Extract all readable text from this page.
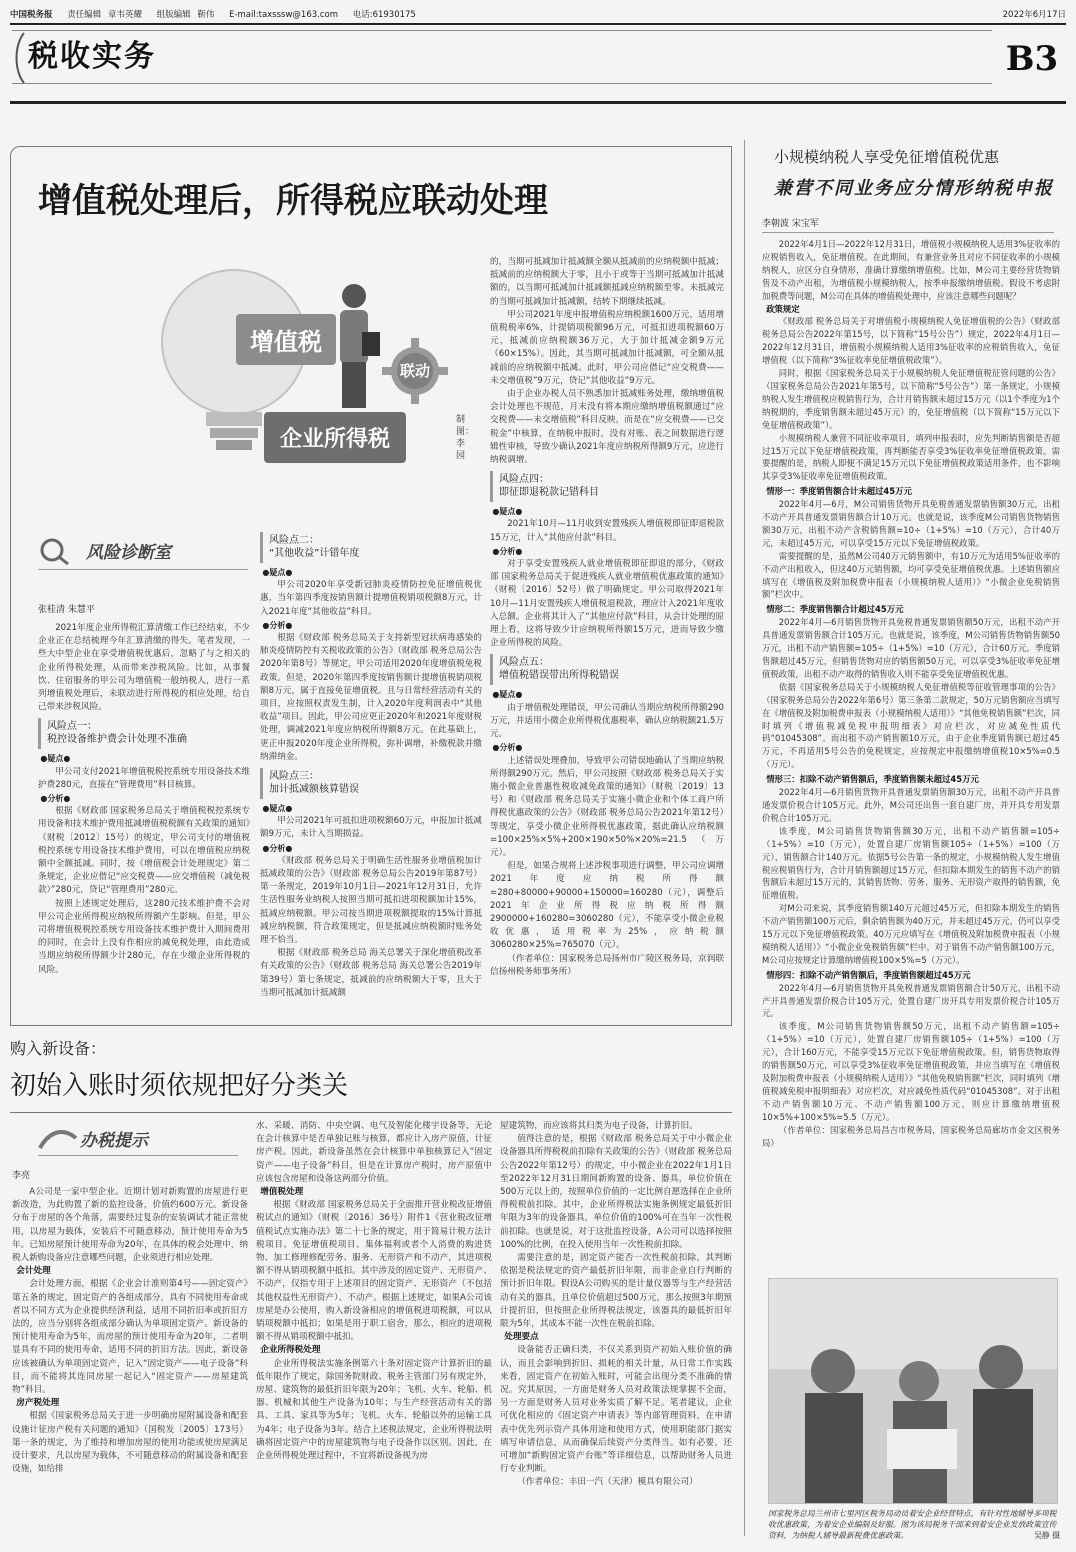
中国税务报 责任编辑 章韦英耀 组版编辑 靳伟 E-mail:taxsssw@163.com 电话:61930175	2022年6月17日
税收实务	B3
增值税处理后，所得税应联动处理
增值税
联动
企业所得税
制图：李 园
风险诊断室
张桂清 朱慧平

2021年度企业所得税汇算清缴工作已经结束，不少企业正在总结梳理今年汇算清缴的得失。笔者发现，一些大中型企业在享受增值税优惠后，忽略了与之相关的企业所得税处理，从而带来涉税风险。比如，从事餐饮、住宿服务的甲公司为增值税一般纳税人，进行一系列增值税处理后，未联动进行所得税的相应处理，给自己带来涉税风险。

风险点一：
税控设备维护费会计处理不准确

●疑点●

甲公司支付2021年增值税税控系统专用设备技术维护费280元，直接在“管理费用”科目核算。

●分析●

根据《财政部 国家税务总局关于增值税税控系统专用设备和技术维护费用抵减增值税税额有关政策的通知》（财税〔2012〕15号）的规定，甲公司支付的增值税税控系统专用设备技术维护费用，可以在增值税应纳税额中全额抵减。同时，按《增值税会计处理规定》第二条规定，企业应借记“应交税费——应交增值税（减免税款）”280元，贷记“管理费用”280元。

按照上述规定处理后，这280元技术维护费不会对甲公司企业所得税应纳税所得额产生影响。但是，甲公司将增值税税控系统专用设备技术维护费计入期间费用的同时，在会计上没有作相应的减免税处理，由此造成当期应纳税所得额少计280元，存在少缴企业所得税的风险。

风险点二：
“其他收益”计错年度

●疑点●

甲公司2020年享受新冠肺炎疫情防控免征增值税优惠，当年第四季度按销售额计提增值税销项税额8万元，计入2021年度“其他收益”科目。

●分析●

根据《财政部 税务总局关于支持新型冠状病毒感染的肺炎疫情防控有关税收政策的公告》（财政部 税务总局公告2020年第8号）等规定，甲公司适用2020年度增值税免税政策。但是，2020年第四季度按销售额计提增值税销项税额8万元，属于直接免征增值税。且与日常经营活动有关的项目，应按照权责发生制，计入2020年度利润表中“其他收益”项目。因此，甲公司应更正2020年和2021年度财税处理，调减2021年度应纳税所得额8万元。在此基础上，更正申报2020年度企业所得税，弥补调增，补缴税款并缴纳滞纳金。

风险点三：
加计抵减额核算错误

●疑点●

甲公司2021年可抵扣进项税额60万元，申报加计抵减额9万元，未计入当期损益。

●分析●

《财政部 税务总局关于明确生活性服务业增值税加计抵减政策的公告》（财政部 税务总局公告2019年第87号）第一条规定，2019年10月1日—2021年12月31日，允许生活性服务业纳税人按照当期可抵扣进项税额加计15%，抵减应纳税额。甲公司按当期进项税额提取的15%计算抵减应纳税额，符合政策规定，但是抵减应纳税额时账务处理不恰当。

根据《财政部 税务总局 海关总署关于深化增值税改革有关政策的公告》（财政部 税务总局 海关总署公告2019年第39号）第七条规定，抵减前的应纳税额大于零，且大于当期可抵减加计抵减额

的，当期可抵减加计抵减额全额从抵减前的应纳税额中抵减；抵减前的应纳税额大于零，且小于或等于当期可抵减加计抵减额的，以当期可抵减加计抵减额抵减应纳税额至零。未抵减完的当期可抵减加计抵减额，结转下期继续抵减。

甲公司2021年度申报增值税应纳税额1600万元，适用增值税税率6%，计提销项税额96万元，可抵扣进项税额60万元，抵减前应纳税额36万元，大于加计抵减金额9万元（60×15%）。因此，其当期可抵减加计抵减额，可全额从抵减前的应纳税额中抵减。此时，甲公司应借记“应交税费——未交增值税”9万元，贷记“其他收益”9万元。

由于企业办税人员不熟悉加计抵减账务处理，缴纳增值税会计处理也不规范，月末没有将本期应缴纳增值税额通过“应交税费——未交增值税”科目反映，而是在“应交税费——已交税金”中核算，在纳税申报时，没有对账、表之间数据进行逻辑性审核，导致少确认2021年度应纳税所得额9万元，应进行纳税调增。

风险点四：
即征即退税款记错科目

●疑点●

2021年10月—11月收到安置残疾人增值税即征即退税款15万元，计入“其他应付款”科目。

●分析●

对于享受安置残疾人就业增值税即征即退的部分，《财政部 国家税务总局关于促进残疾人就业增值税优惠政策的通知》（财税〔2016〕52号）做了明确规定。甲公司取得2021年10月—11月安置残疾人增值税退税款，理应计入2021年度收入总额。企业将其计入了“其他应付款”科目，从会计处理的原理上看，这将导致少计应纳税所得额15万元，进而导致少缴企业所得税的风险。

风险点五：
增值税错误带出所得税错误

●疑点●

由于增值税处理错误，甲公司确认当期应纳税所得额290万元，并适用小微企业所得税优惠税率，确认应纳税额21.5万元。

●分析●

上述错误处理叠加，导致甲公司错误地确认了当期应纳税所得额290万元。然后，甲公司按照《财政部 税务总局关于实施小微企业普惠性税收减免政策的通知》（财税〔2019〕13号）和《财政部 税务总局关于实施小微企业和个体工商户所得税优惠政策的公告》（财政部 税务总局公告2021年第12号）等规定，享受小微企业所得税优惠政策，据此确认应纳税额=100×25%×5%+200×190×50%×20%=21.5（万元）。

但是，如果合规将上述涉税事项进行调整，甲公司应调增2021年度应纳税所得额=280+80000+90000+150000=160280（元），调整后2021年企业所得税应纳税所得额2900000+160280=3060280（元），不能享受小微企业税收优惠，适用税率为25%，应纳税额3060280×25%=765070（元）。

（作者单位：国家税务总局扬州市广陵区税务局，京润联信扬州税务师事务所）

小规模纳税人享受免征增值税优惠
兼营不同业务应分情形纳税申报
李朝波 宋宝军

2022年4月1日—2022年12月31日，增值税小规模纳税人适用3%征收率的应税销售收入，免征增值税。在此期间，有兼营业务且对应不同征收率的小规模纳税人，应区分自身情形，准确计算缴纳增值税。比如，M公司主要经营货物销售及不动产出租，为增值税小规模纳税人，按季申报缴纳增值税。假设不考虑附加税费等问题，M公司在具体的增值税处理中，应该注意哪些问题呢？

政策规定

《财政部 税务总局关于对增值税小规模纳税人免征增值税的公告》（财政部 税务总局公告2022年第15号，以下简称“15号公告”）规定，2022年4月1日—2022年12月31日，增值税小规模纳税人适用3%征收率的应税销售收入，免征增值税（以下简称“3%征收率免征增值税政策”）。

同时，根据《国家税务总局关于小规模纳税人免征增值税征管问题的公告》（国家税务总局公告2021年第5号，以下简称“5号公告”）第一条规定，小规模纳税人发生增值税应税销售行为，合计月销售额未超过15万元（以1个季度为1个纳税期的，季度销售额未超过45万元）的，免征增值税（以下简称“15万元以下免征增值税政策”）。

小规模纳税人兼营不同征收率项目，填列申报表时，应先判断销售额是否超过15万元以下免征增值税政策，再判断能否享受3%征收率免征增值税政策。需要提醒的是，纳税人即便不满足15万元以下免征增值税政策适用条件，也不影响其享受3%征收率免征增值税政策。

情形一：季度销售额合计未超过45万元

2022年4月—6月，M公司销售货物开具免税普通发票销售额30万元，出租不动产开具普通发票销售额合计10万元。也就是说，该季度M公司销售货物销售额30万元，出租不动产含税销售额=10÷（1+5%）=10（万元），合计40万元，未超过45万元，可以享受15万元以下免征增值税政策。

需要提醒的是，虽然M公司40万元销售额中，有10万元为适用5%征收率的不动产出租收入，但这40万元销售额，均可享受免征增值税优惠。上述销售额应填写在《增值税及附加税费申报表（小规模纳税人适用）》“小微企业免税销售额”栏次中。

情形二：季度销售额合计超过45万元

2022年4月—6月销售货物开具免税普通发票销售额50万元，出租不动产开具普通发票销售额合计105万元。也就是说，该季度，M公司销售货物销售额50万元，出租不动产销售额=105÷（1+5%）=10（万元），合计60万元。季度销售额超过45万元，但销售货物对应的销售额50万元，可以享受3%征收率免征增值税政策，出租不动产取得的销售收入则不能享受免征增值税优惠。

依据《国家税务总局关于小规模纳税人免征增值税等征收管理事项的公告》（国家税务总局公告2022年第6号）第三条第二款规定，50万元销售额应当填写在《增值税及附加税费申报表（小规模纳税人适用）》“其他免税销售额”栏次，同时填列《增值税减免税申报明细表》对应栏次，对应减免性质代码“01045308”。而出租不动产销售额10万元，由于企业季度销售额已超过45万元，不再适用5号公告的免税规定，应按规定申报缴纳增值税10×5%=0.5（万元）。

情形三：扣除不动产销售额后，季度销售额未超过45万元

2022年4月—6月销售货物开具普通发票销售额30万元，出租不动产开具普通发票价税合计105万元。此外，M公司还出售一套自建厂房，并开具专用发票价税合计105万元。

该季度，M公司销售货物销售额30万元，出租不动产销售额=105÷（1+5%）=10（万元），处置自建厂房销售额105÷（1+5%）=100（万元），销售额合计140万元。依据5号公告第一条的规定，小规模纳税人发生增值税应税销售行为，合计月销售额超过15万元，但扣除本期发生的销售不动产的销售额后未超过15万元的，其销售货物、劳务、服务、无形资产取得的销售额，免征增值税。

对M公司来说，其季度销售额140万元超过45万元，但扣除本期发生的销售不动产销售额100万元后，剩余销售额为40万元，并未超过45万元，仍可以享受15万元以下免征增值税政策。40万元应填写在《增值税及附加税费申报表（小规模纳税人适用）》“小微企业免税销售额”栏中。对于销售不动产销售额100万元，M公司应按规定计算缴纳增值税100×5%=5（万元）。

情形四：扣除不动产销售额后，季度销售额超过45万元

2022年4月—6月销售货物开具免税普通发票销售额合计50万元，出租不动产开具普通发票价税合计105万元，处置自建厂房开具专用发票价税合计105万元。

该季度，M公司销售货物销售额50万元，出租不动产销售额=105÷（1+5%）=10（万元），处置自建厂房销售额105÷（1+5%）=100（万元），合计160万元，不能享受15万元以下免征增值税政策。但，销售货物取得的销售额50万元，可以享受3%征收率免征增值税政策，并应当填写在《增值税及附加税费申报表（小规模纳税人适用）》“其他免税销售额”栏次，同时填列《增值税减免税申报明细表》对应栏次，对应减免性质代码“01045308”。对于出租不动产销售额10万元、不动产销售额100万元，则应计算缴纳增值税10×5%+100×5%=5.5（万元）。

（作者单位：国家税务总局昌吉市税务局，国家税务总局廊坊市金文区税务局）

国家税务总局兰州市七里河区税务局动员着安企业经营特点，有针对性地辅导多项税收优惠政策，为着安企业编制及好服。图为该局税务干部来到着安企业发放政策宣传资料，为纳税人辅导最新税费优惠政策。	吴静 摄
购入新设备：
初始入账时须依规把好分类关
办税提示
李亮

A公司是一家中型企业。近期计划对新购置的房屋进行更新改造，为此购置了新的监控设备，价值约600万元。新设备分布于房屋的各个角落，需要经过复杂的安装调试才能正常使用，以房屋为载体，安装后不可随意移动，预计使用寿命为5年。已知房屋预计使用寿命为20年，在具体的税会处理中，纳税人新购设备应注意哪些问题，企业须进行相应处理。

会计处理

会计处理方面，根据《企业会计准则第4号——固定资产》第五条的规定，固定资产的各组成部分，具有不同使用寿命或者以不同方式为企业提供经济利益，适用不同折旧率或折旧方法的，应当分别将各组成部分确认为单项固定资产。新设备的预计使用寿命为5年，而房屋的预计使用寿命为20年，二者明显具有不同的使用寿命，适用不同的折旧方法。因此，新设备应该被确认为单项固定资产，记入“固定资产——电子设备”科目，而不能将其连同房屋一起记入“固定资产——房屋建筑物”科目。

房产税处理

根据《国家税务总局关于进一步明确房屋附属设备和配套设施计征房产税有关问题的通知》（国税发〔2005〕173号）第一条的规定，为了维持和增加房屋的使用功能或使房屋满足设计要求，凡以房屋为载体，不可随意移动的附属设备和配套设施，如给排

水、采暖、消防、中央空调、电气及智能化楼宇设备等，无论在会计核算中是否单独记账与核算，都应计入房产原值，计征房产税。因此，新设备虽然在会计核算中单独核算记入“固定资产——电子设备”科目，但是在计算房产税时，房产原值中应该包含房屋和设备这两部分价值。

增值税处理

根据《财政部 国家税务总局关于全面推开营业税改征增值税试点的通知》（财税〔2016〕36号）附件1《营业税改征增值税试点实施办法》第二十七条的规定，用于简易计税方法计税项目、免征增值税项目、集体福利或者个人消费的购进货物、加工修理修配劳务、服务、无形资产和不动产，其进项税额不得从销项税额中抵扣。其中涉及的固定资产、无形资产、不动产，仅指专用于上述项目的固定资产、无形资产（不包括其他权益性无形资产）、不动产。根据上述规定，如果A公司该房屋是办公使用，购入新设备相应的增值税进项税额，可以从销项税额中抵扣；如果是用于职工宿舍，那么，相应的进项税额不得从销项税额中抵扣。

企业所得税处理

企业所得税法实施条例第六十条对固定资产计算折旧的最低年限作了规定，除国务院财政、税务主管部门另有规定外，房屋、建筑物的最低折旧年限为20年；飞机、火车、轮船、机器、机械和其他生产设备为10年；与生产经营活动有关的器具、工具、家具等为5年；飞机、火车、轮船以外的运输工具为4年；电子设备为3年。结合上述税法规定，企业所得税法明确将固定资产中的房屋建筑物与电子设备作以区别。因此，在企业所得税处理过程中，不宜将新设备视为房

屋建筑物，而应该将其归类为电子设备，计算折旧。

值得注意的是，根据《财政部 税务总局关于中小微企业设备器具所得税税前扣除有关政策的公告》（财政部 税务总局公告2022年第12号）的规定，中小微企业在2022年1月1日至2022年12月31日期间新购置的设备、器具，单位价值在500万元以上的，按照单位价值的一定比例自愿选择在企业所得税税前扣除。其中，企业所得税法实施条例规定最低折旧年限为3年的设备器具，单位价值的100%可在当年一次性税前扣除。也就是说，对于这批监控设备，A公司可以选择按照100%的比例，在投入使用当年一次性税前扣除。

需要注意的是，固定资产能否一次性税前扣除，其判断依据是税法规定的资产最低折旧年限，而非企业自行判断的预计折旧年限。假设A公司购买的是计量仪器等与生产经营活动有关的器具，且单位价值超过500万元，那么按照3年期预计提折旧，但按照企业所得税法规定，该器具的最低折旧年限为5年，其成本不能一次性在税前扣除。

处理要点

设备能否正确归类，不仅关系到资产初始入账价值的确认，而且会影响到折旧、损耗的相关计量，从日常工作实践来看，固定资产在初始入账时，可能会出现分类不准确的情况。究其原因，一方面是财务人员对政策法规掌握不全面，另一方面是财务人员对业务实质了解不足。笔者建议，企业可优化相应的《固定资产申请表》等内部管理资料，在申请表中优先列示资产具体用途和使用方式，使用职能部门据实填写申请信息，从而确保后续资产分类得当。如有必要，还可增加“新购固定资产台账”等详细信息，以帮助财务人员进行专业判断。

（作者单位：丰田一汽（天津）模具有限公司）
